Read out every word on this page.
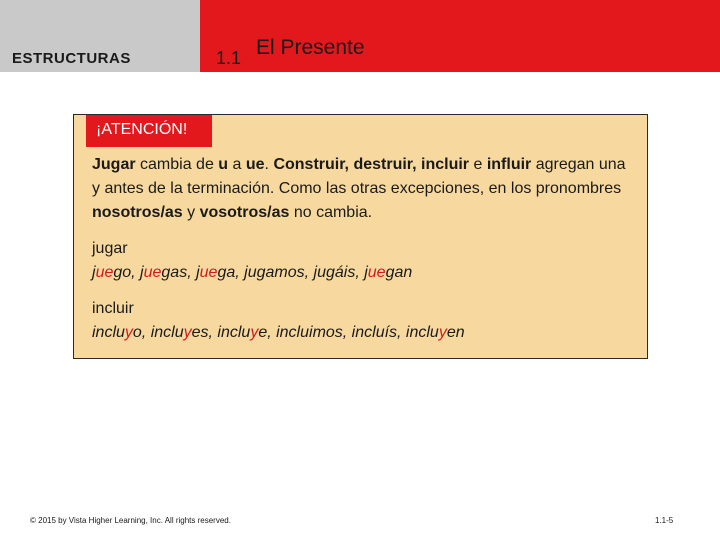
ESTRUCTURAS	1.1 El Presente
¡ATENCIÓN!

Jugar cambia de u a ue. Construir, destruir, incluir e influir agregan una y antes de la terminación. Como las otras excepciones, en los pronombres nosotros/as y vosotros/as no cambia.

jugar

juego, juegas, juega, jugamos, jugáis, juegan

incluir

incluyo, incluyes, incluye, incluimos, incluís, incluyen

© 2015 by Vista Higher Learning, Inc. All rights reserved.	1.1-5
